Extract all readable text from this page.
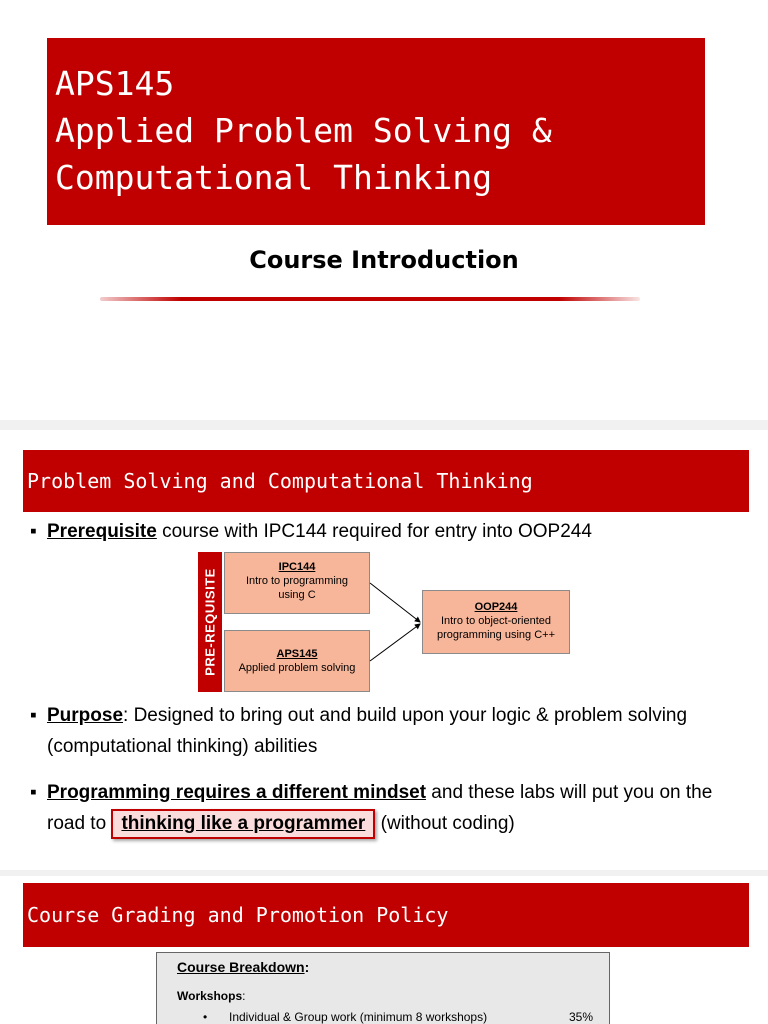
APS145
Applied Problem Solving &
Computational Thinking
Course Introduction
Problem Solving and Computational Thinking
▪ Prerequisite course with IPC144 required for entry into OOP244
PRE-REQUISITE
IPC144
Intro to programming
using C
APS145
Applied problem solving
OOP244
Intro to object-oriented
programming using C++
▪ Purpose: Designed to bring out and build upon your logic & problem solving (computational thinking) abilities
▪ Programming requires a different mindset and these labs will put you on the road to thinking like a programmer (without coding)
Course Grading and Promotion Policy
Course Breakdown:
Workshops:
• Individual & Group work (minimum 8 workshops)	35%
